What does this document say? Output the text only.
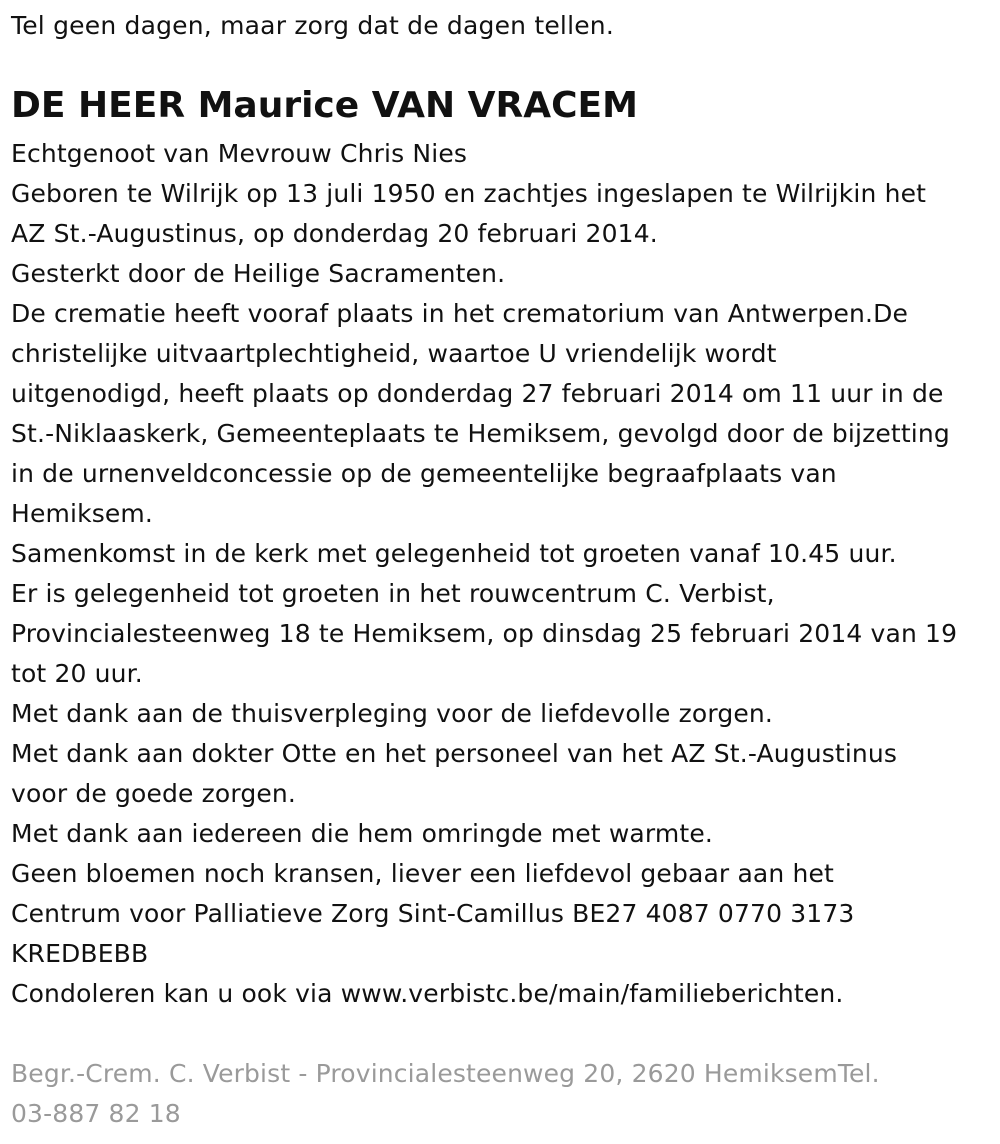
Tel geen dagen, maar zorg dat de dagen tellen.

DE HEER Maurice VAN VRACEM
Echtgenoot van Mevrouw Chris Nies
Geboren te Wilrijk op 13 juli 1950 en zachtjes ingeslapen te Wilrijkin het
AZ St.-Augustinus, op donderdag 20 februari 2014.
Gesterkt door de Heilige Sacramenten.
De crematie heeft vooraf plaats in het crematorium van Antwerpen.De
christelijke uitvaartplechtigheid, waartoe U vriendelijk wordt
uitgenodigd, heeft plaats op donderdag 27 februari 2014 om 11 uur in de
St.-Niklaaskerk, Gemeenteplaats te Hemiksem, gevolgd door de bijzetting
in de urnenveldconcessie op de gemeentelijke begraafplaats van
Hemiksem.
Samenkomst in de kerk met gelegenheid tot groeten vanaf 10.45 uur.
Er is gelegenheid tot groeten in het rouwcentrum C. Verbist,
Provincialesteenweg 18 te Hemiksem, op dinsdag 25 februari 2014 van 19
tot 20 uur.
Met dank aan de thuisverpleging voor de liefdevolle zorgen.
Met dank aan dokter Otte en het personeel van het AZ St.-Augustinus
voor de goede zorgen.
Met dank aan iedereen die hem omringde met warmte.
Geen bloemen noch kransen, liever een liefdevol gebaar aan het
Centrum voor Palliatieve Zorg Sint-Camillus BE27 4087 0770 3173
KREDBEBB
Condoleren kan u ook via www.verbistc.be/main/familieberichten.
Begr.-Crem. C. Verbist - Provincialesteenweg 20, 2620 HemiksemTel.
03-887 82 18
